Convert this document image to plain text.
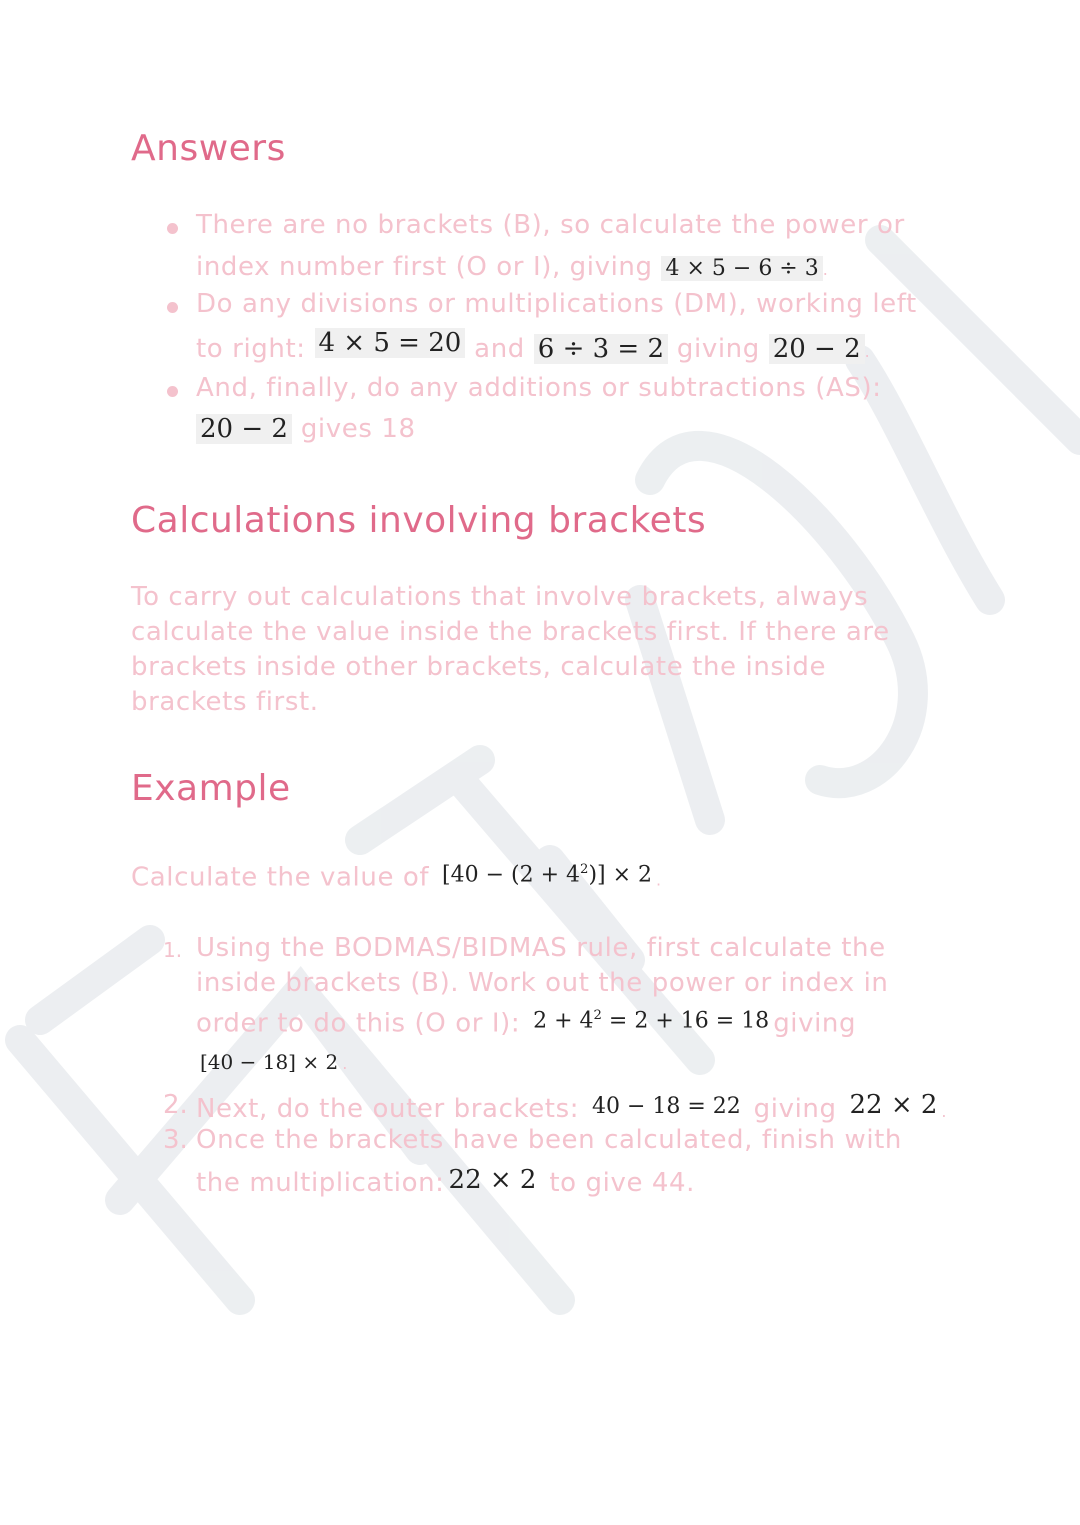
Answers
There are no brackets (B), so calculate the power or
index number first (O or I), giving 4 × 5 − 6 ÷ 3 .
Do any divisions or multiplications (DM), working left
to right: 4 × 5 = 20 and 6 ÷ 3 = 2 giving 20 − 2 .
And, finally, do any additions or subtractions (AS):
20 − 2 gives 18
Calculations involving brackets
To carry out calculations that involve brackets, always
calculate the value inside the brackets first. If there are
brackets inside other brackets, calculate the inside
brackets first.
Example
Calculate the value of $[40 - (2 + 4^2)] \times 2$ .
1. Using the BODMAS/BIDMAS rule, first calculate the
inside brackets (B). Work out the power or index in
order to do this (O or I): $2 + 4^2 = 2 + 16 = 18$ giving
[40 − 18] × 2 .
2. Next, do the outer brackets: 40 − 18 = 22 giving 22 × 2 .
3. Once the brackets have been calculated, finish with
the multiplication: 22 × 2 to give 44.
